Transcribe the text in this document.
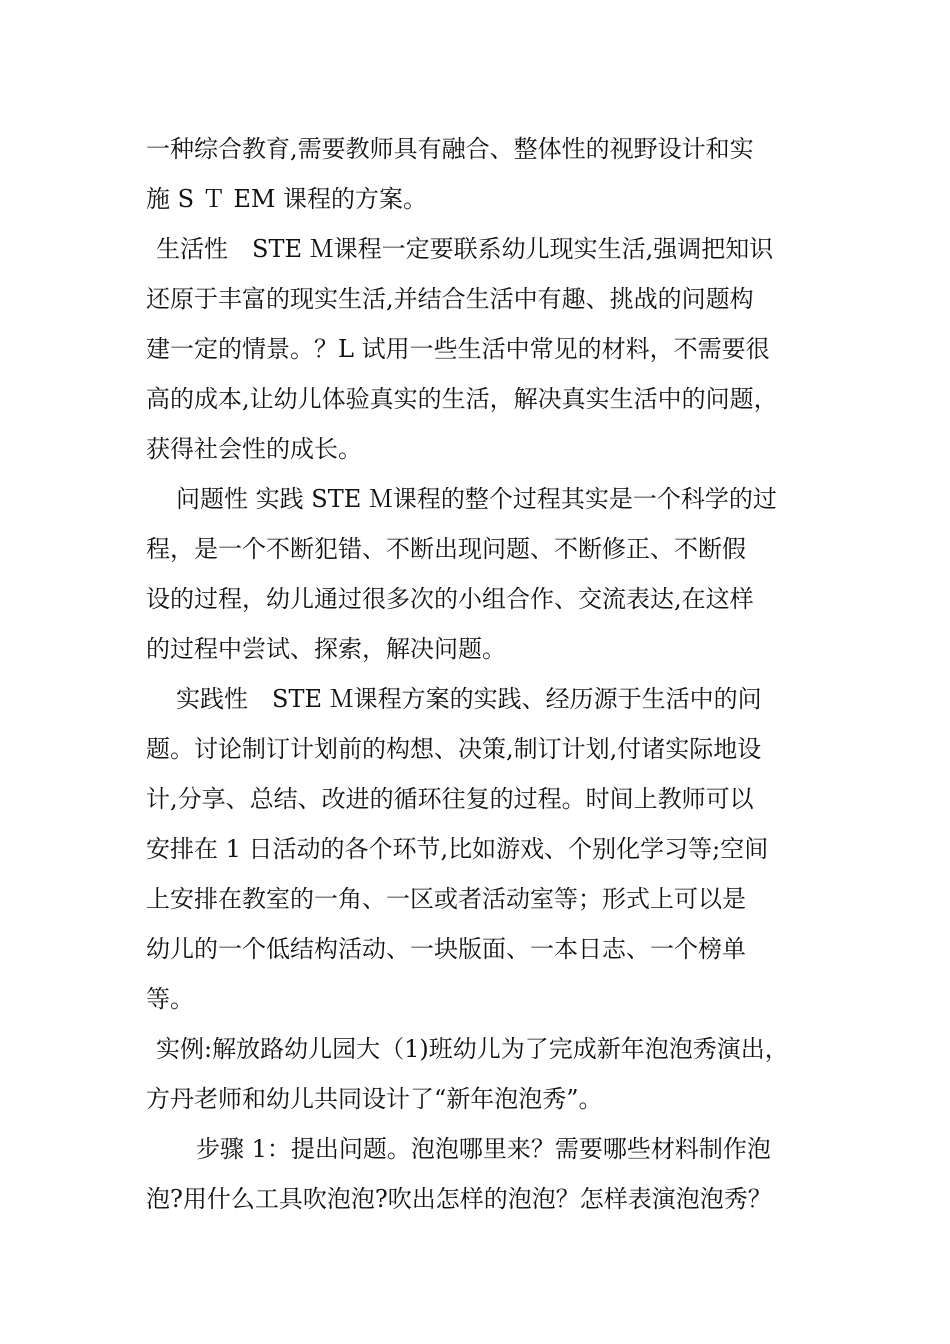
一种综合教育,需要教师具有融合、整体性的视野设计和实
施 S Ｔ EM 课程的方案。
生活性　STE Ｍ课程一定要联系幼儿现实生活,强调把知识
还原于丰富的现实生活,并结合生活中有趣、挑战的问题构
建一定的情景。？L 试用一些生活中常见的材料，不需要很
高的成本,让幼儿体验真实的生活，解决真实生活中的问题，
获得社会性的成长。
问题性 实践 STE Ｍ课程的整个过程其实是一个科学的过
程，是一个不断犯错、不断出现问题、不断修正、不断假
设的过程，幼儿通过很多次的小组合作、交流表达,在这样
的过程中尝试、探索，解决问题。
实践性　STE Ｍ课程方案的实践、经历源于生活中的问
题。讨论制订计划前的构想、决策,制订计划,付诸实际地设
计,分享、总结、改进的循环往复的过程。时间上教师可以
安排在 1 日活动的各个环节,比如游戏、个别化学习等;空间
上安排在教室的一角、一区或者活动室等；形式上可以是
幼儿的一个低结构活动、一块版面、一本日志、一个榜单
等。
实例:解放路幼儿园大（1)班幼儿为了完成新年泡泡秀演出，
方丹老师和幼儿共同设计了“新年泡泡秀”。
步骤 1：提出问题。泡泡哪里来？需要哪些材料制作泡
泡?用什么工具吹泡泡?吹出怎样的泡泡？怎样表演泡泡秀？
